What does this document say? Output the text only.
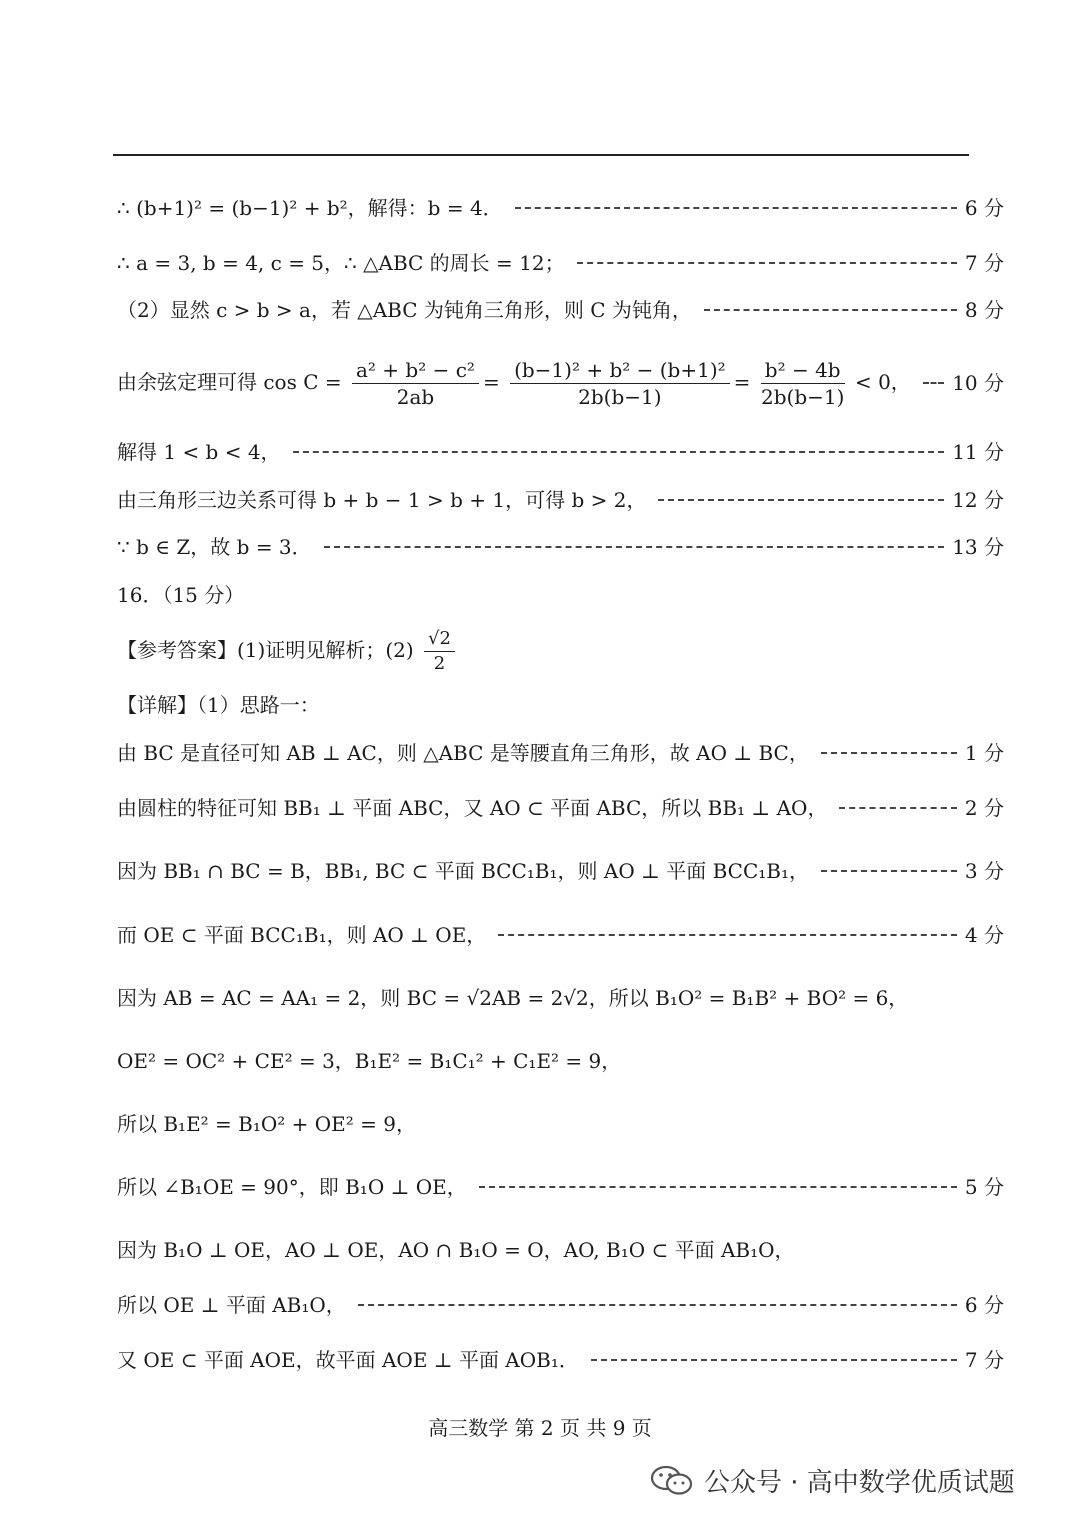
∴ (b+1)² = (b−1)² + b²，解得：b = 4．	6 分
∴ a = 3, b = 4, c = 5，∴ △ABC 的周长 = 12；	7 分
（2）显然 c > b > a，若 △ABC 为钝角三角形，则 C 为钝角，	8 分
由余弦定理可得 $\cos C = \frac{\text{a² + b² − c²}}{2ab} = \frac{\text{(b−1)² + b² − (b+1)²}}{2b(b-1)} = \frac{\text{b² − 4b}}{2b(b-1)} < 0$， 10 分
解得 1 < b < 4，	11 分
由三角形三边关系可得 b + b − 1 > b + 1，可得 b > 2，	12 分
∵ b ∈ Z，故 b = 3．	13 分
16．（15 分）
【参考答案】(1)证明见解析；$(2) \frac{√2}{2}$
【详解】（1）思路一：
由 BC 是直径可知 AB ⊥ AC，则 △ABC 是等腰直角三角形，故 AO ⊥ BC，	1 分
由圆柱的特征可知 BB₁ ⊥ 平面 ABC，又 AO ⊂ 平面 ABC，所以 BB₁ ⊥ AO，	2 分
因为 BB₁ ∩ BC = B，BB₁, BC ⊂ 平面 BCC₁B₁，则 AO ⊥ 平面 BCC₁B₁，	3 分
而 OE ⊂ 平面 BCC₁B₁，则 AO ⊥ OE，	4 分
因为 AB = AC = AA₁ = 2，则 BC = √2AB = 2√2，所以 B₁O² = B₁B² + BO² = 6，
OE² = OC² + CE² = 3，B₁E² = B₁C₁² + C₁E² = 9，
所以 B₁E² = B₁O² + OE² = 9，
所以 ∠B₁OE = 90°，即 B₁O ⊥ OE，	5 分
因为 B₁O ⊥ OE，AO ⊥ OE，AO ∩ B₁O = O，AO, B₁O ⊂ 平面 AB₁O，
所以 OE ⊥ 平面 AB₁O，	6 分
又 OE ⊂ 平面 AOE，故平面 AOE ⊥ 平面 AOB₁．	7 分
高三数学 第 2 页 共 9 页
公众号 · 高中数学优质试题
